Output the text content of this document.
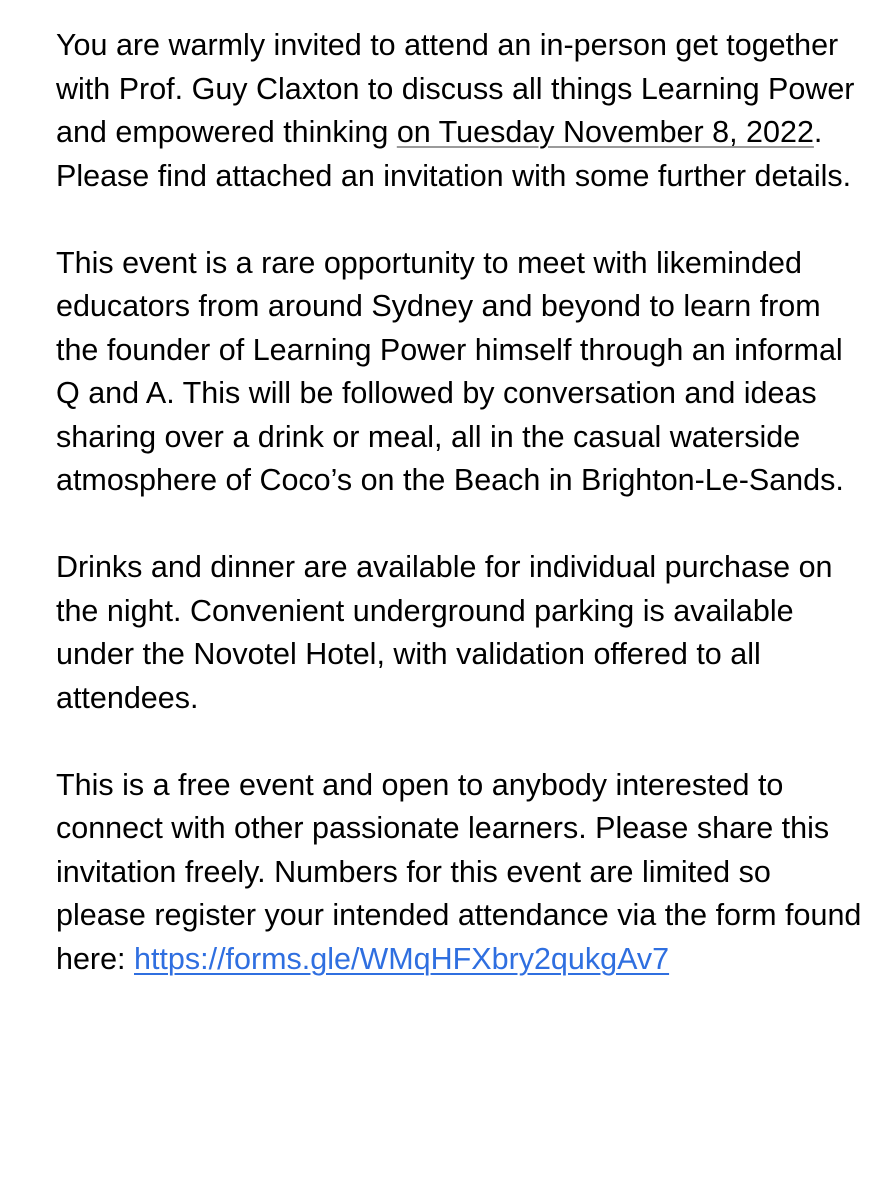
You are warmly invited to attend an in-person get together with Prof. Guy Claxton to discuss all things Learning Power and empowered thinking on Tuesday November 8, 2022. Please find attached an invitation with some further details.

This event is a rare opportunity to meet with likeminded educators from around Sydney and beyond to learn from the founder of Learning Power himself through an informal Q and A. This will be followed by conversation and ideas sharing over a drink or meal, all in the casual waterside atmosphere of Coco’s on the Beach in Brighton-Le-Sands.

Drinks and dinner are available for individual purchase on the night. Convenient underground parking is available under the Novotel Hotel, with validation offered to all attendees.

This is a free event and open to anybody interested to connect with other passionate learners. Please share this invitation freely. Numbers for this event are limited so please register your intended attendance via the form found here: https://forms.gle/WMqHFXbry2qukgAv7
